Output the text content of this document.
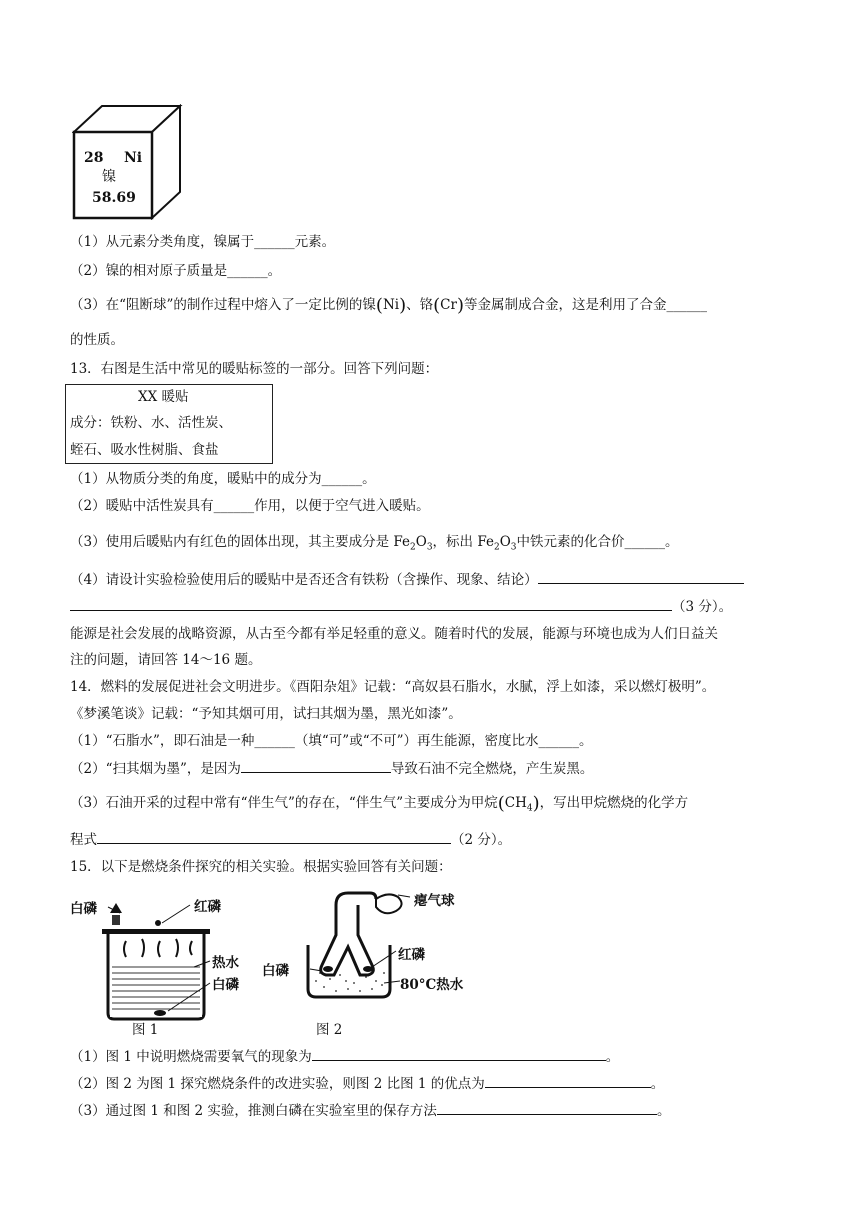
28 Ni
镍
58.69
（1）从元素分类角度，镍属于______元素。
（2）镍的相对原子质量是______。
（3）在“阻断球”的制作过程中熔入了一定比例的镍(Ni)、铬(Cr)等金属制成合金，这是利用了合金______
的性质。
13．右图是生活中常见的暖贴标签的一部分。回答下列问题：
XX 暖贴
成分：铁粉、水、活性炭、
蛭石、吸水性树脂、食盐
（1）从物质分类的角度，暖贴中的成分为______。
（2）暖贴中活性炭具有______作用，以便于空气进入暖贴。
（3）使用后暖贴内有红色的固体出现，其主要成分是 $Fe_2O_3$，标出 $Fe_2O_3$中铁元素的化合价______。
（4）请设计实验检验使用后的暖贴中是否还含有铁粉（含操作、现象、结论）
（3 分）。
能源是社会发展的战略资源，从古至今都有举足轻重的意义。随着时代的发展，能源与环境也成为人们日益关
注的问题，请回答 14～16 题。
14．燃料的发展促进社会文明进步。《酉阳杂俎》记载：“高奴县石脂水，水腻，浮上如漆，采以燃灯极明”。
《梦溪笔谈》记载：“予知其烟可用，试扫其烟为墨，黑光如漆”。
（1）“石脂水”，即石油是一种______（填“可”或“不可”）再生能源，密度比水______。
（2）“扫其烟为墨”，是因为	导致石油不完全燃烧，产生炭黑。
（3）石油开采的过程中常有“伴生气”的存在，“伴生气”主要成分为甲烷$(CH_4)$，写出甲烷燃烧的化学方
程式	（2 分）。
15．以下是燃烧条件探究的相关实验。根据实验回答有关问题：
白磷	红磷
热水
白磷
瘪气球
红磷
白磷
80°C热水
图 1	图 2
（1）图 1 中说明燃烧需要氧气的现象为	。
（2）图 2 为图 1 探究燃烧条件的改进实验，则图 2 比图 1 的优点为	。
（3）通过图 1 和图 2 实验，推测白磷在实验室里的保存方法	。
